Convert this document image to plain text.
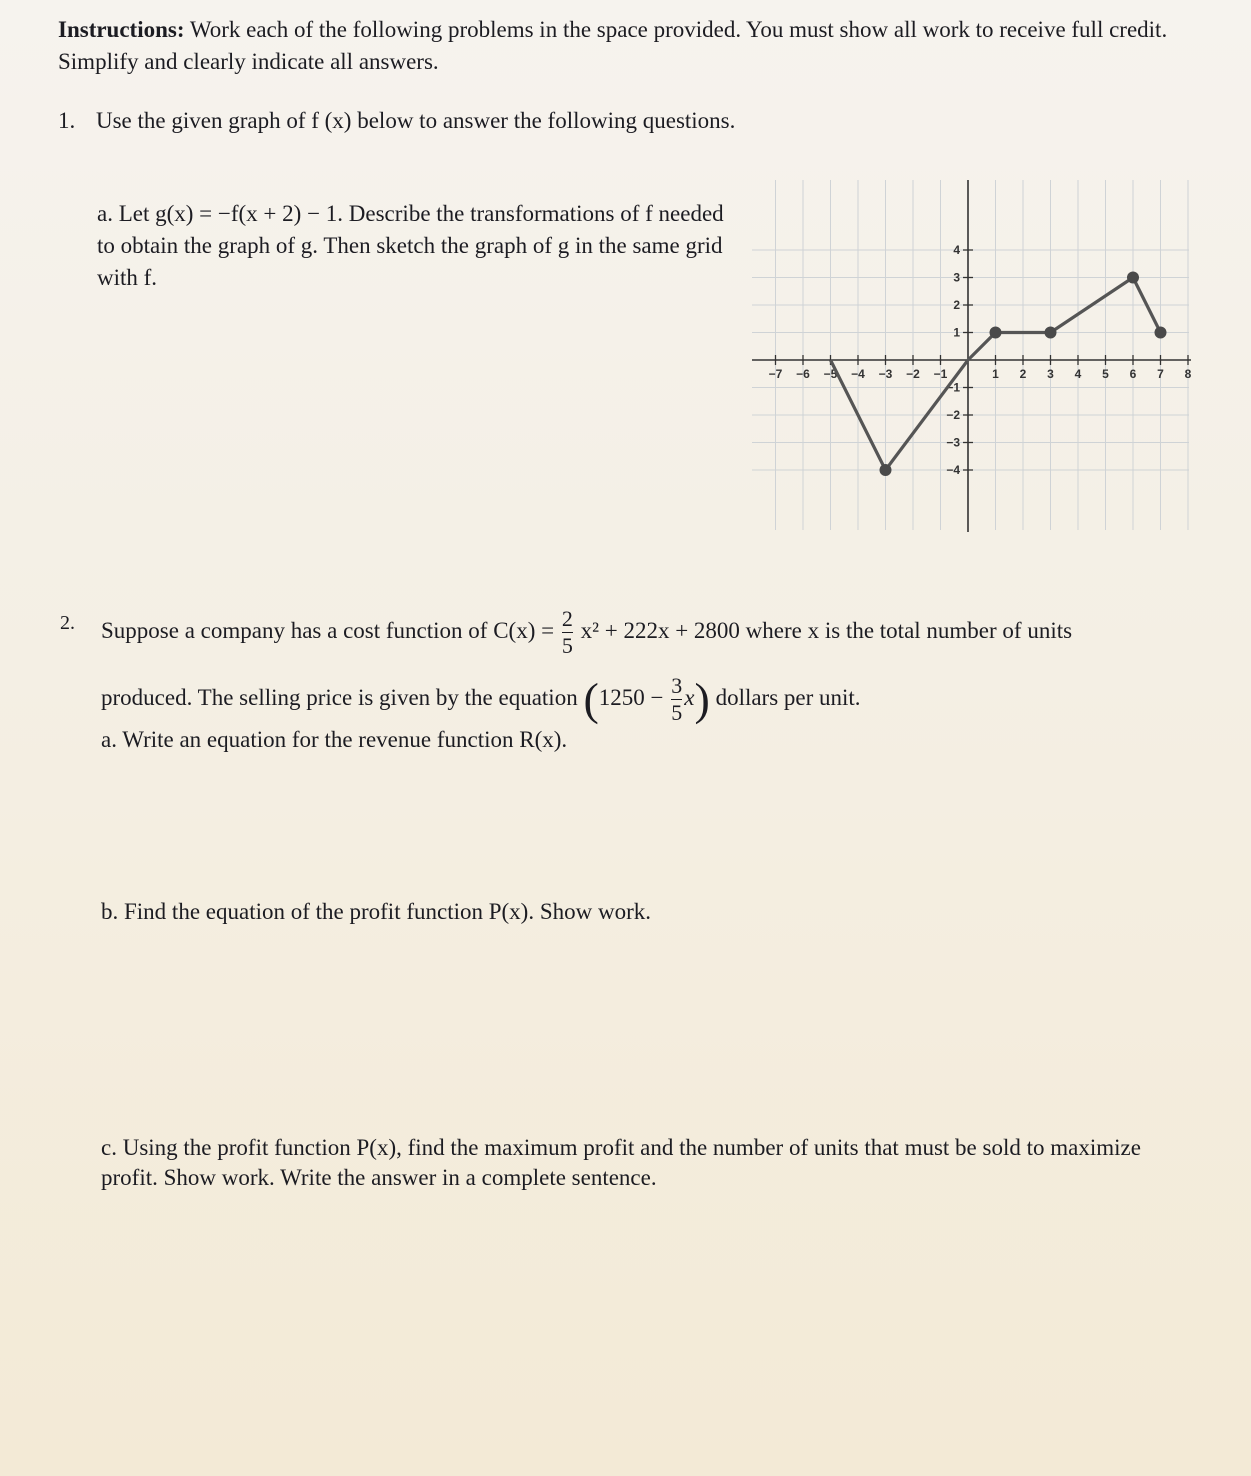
Instructions: Work each of the following problems in the space provided. You must show all work to receive full credit. Simplify and clearly indicate all answers.
1. Use the given graph of f (x) below to answer the following questions.
a. Let g(x) = −f(x + 2) − 1. Describe the transformations of f needed to obtain the graph of g. Then sketch the graph of g in the same grid with f.
−7 −6 −5 −4 −3 −2 −1	1 2 3 4 5 6 7 8
4
3
2
1
−1
−2
−3
−4
2. Suppose a company has a cost function of $C(x) = \frac{2}{5} x^2 + 222x + 2800$ where x is the total number of units
produced. The selling price is given by the equation $(1250 - \frac{3}{5} x)$ dollars per unit.
a. Write an equation for the revenue function R(x).
b. Find the equation of the profit function P(x). Show work.
c. Using the profit function P(x), find the maximum profit and the number of units that must be sold to maximize profit. Show work. Write the answer in a complete sentence.
